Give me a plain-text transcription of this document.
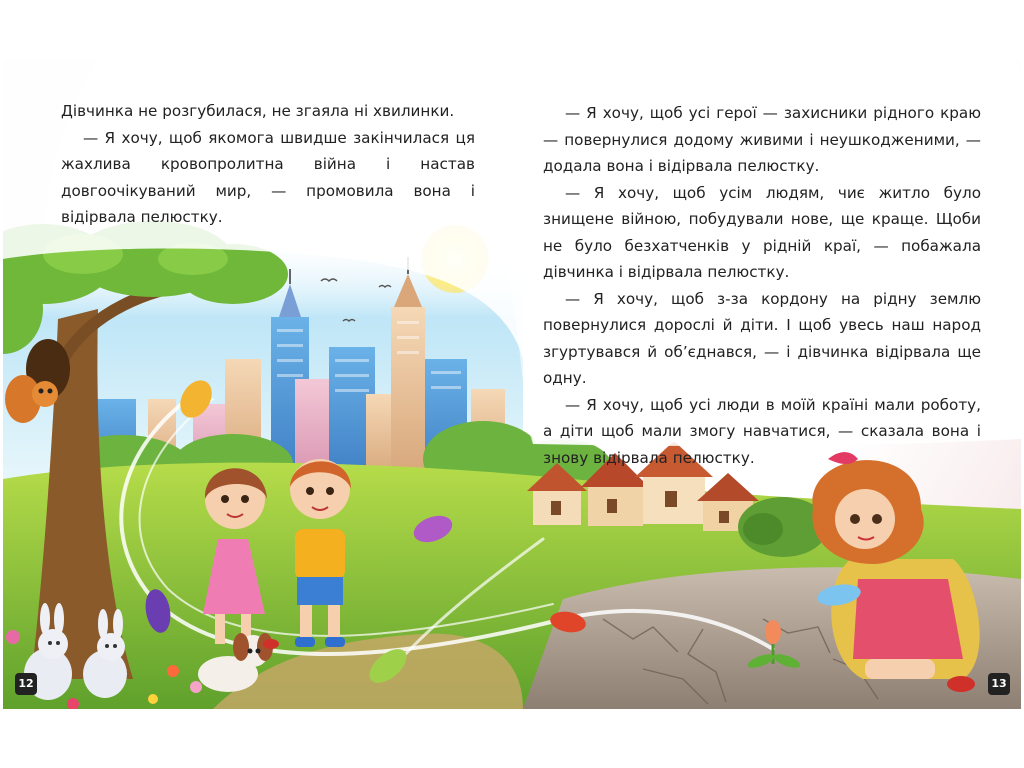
Дівчинка не розгубилася, не згаяла ні хвилинки.

— Я хочу, щоб якомога швидше закінчилася ця жахлива кровопролитна війна і настав довгоочікуваний мир, — промовила вона і відірвала пелюстку.

— Я хочу, щоб усі герої — захисники рідного краю — повернулися додому живими і неушкодженими, — додала вона і відірвала пелюстку.

— Я хочу, щоб усім людям, чиє житло було знищене війною, побудували нове, ще краще. Щоби не було безхатченків у рідній краї, — побажала дівчинка і відірвала пелюстку.

— Я хочу, щоб з-за кордону на рідну землю повернулися дорослі й діти. І щоб увесь наш народ згуртувався й об’єднався, — і дівчинка відірвала ще одну.

— Я хочу, щоб усі люди в моїй країні мали роботу, а діти щоб мали змогу навчатися, — сказала вона і знову відірвала пелюстку.

12	13
